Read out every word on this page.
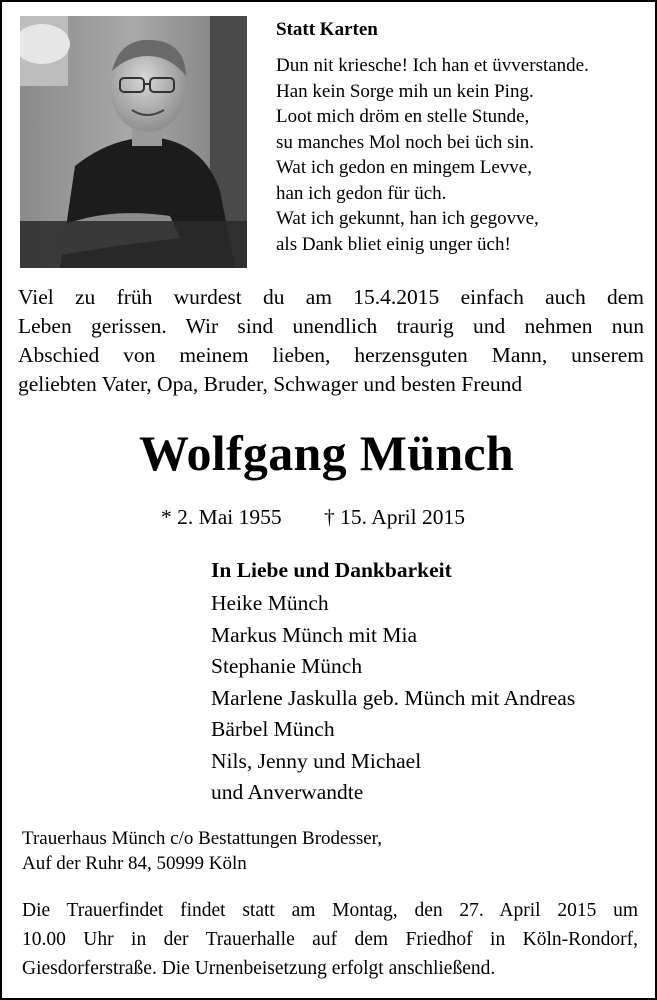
Statt Karten
Dun nit kriesche! Ich han et üvverstande.
Han kein Sorge mih un kein Ping.
Loot mich dröm en stelle Stunde,
su manches Mol noch bei üch sin.
Wat ich gedon en mingem Levve,
han ich gedon für üch.
Wat ich gekunnt, han ich gegovve,
als Dank bliet einig unger üch!
Viel zu früh wurdest du am 15.4.2015 einfach auch dem
Leben gerissen. Wir sind unendlich traurig und nehmen nun
Abschied von meinem lieben, herzensguten Mann, unserem
geliebten Vater, Opa, Bruder, Schwager und besten Freund
Wolfgang Münch
* 2. Mai 1955 † 15. April 2015
In Liebe und Dankbarkeit
Heike Münch
Markus Münch mit Mia
Stephanie Münch
Marlene Jaskulla geb. Münch mit Andreas
Bärbel Münch
Nils, Jenny und Michael
und Anverwandte
Trauerhaus Münch c/o Bestattungen Brodesser,
Auf der Ruhr 84, 50999 Köln
Die Trauerfindet findet statt am Montag, den 27. April 2015 um
10.00 Uhr in der Trauerhalle auf dem Friedhof in Köln-Rondorf,
Giesdorferstraße. Die Urnenbeisetzung erfolgt anschließend.
